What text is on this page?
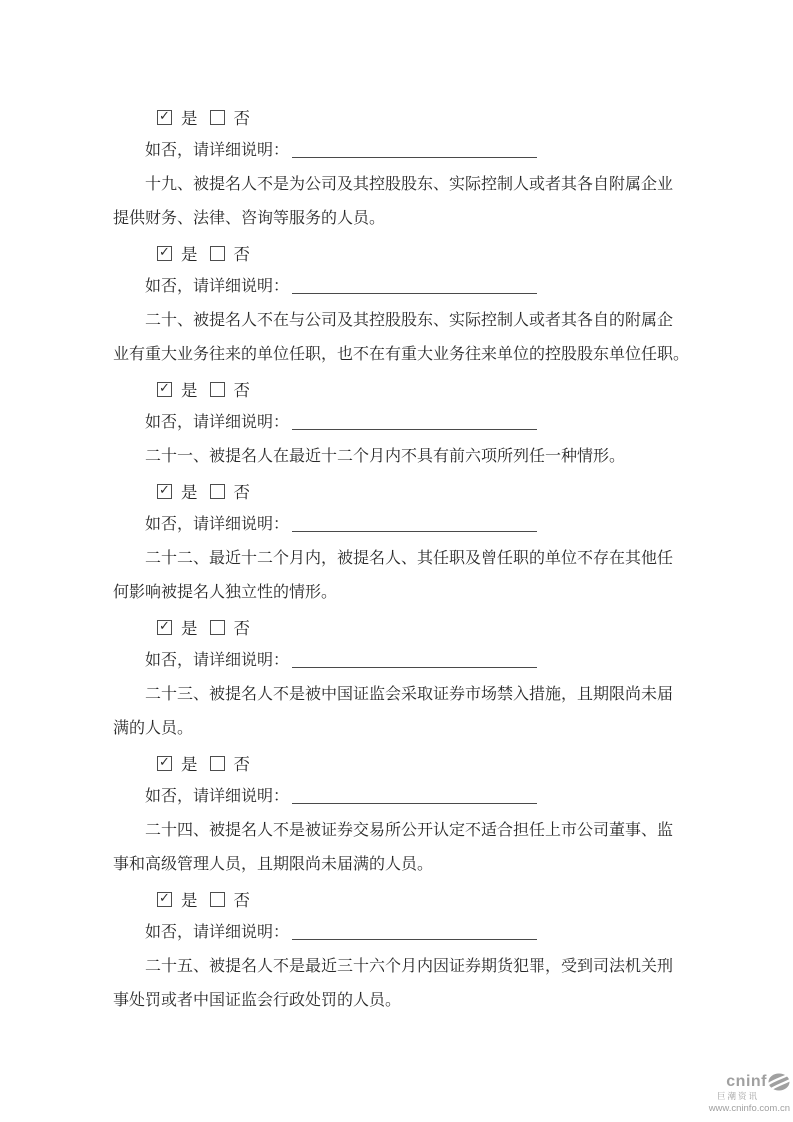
✓ 是 否
如否，请详细说明：
十九、被提名人不是为公司及其控股股东、实际控制人或者其各自附属企业
提供财务、法律、咨询等服务的人员。
✓ 是 否
如否，请详细说明：
二十、被提名人不在与公司及其控股股东、实际控制人或者其各自的附属企
业有重大业务往来的单位任职，也不在有重大业务往来单位的控股股东单位任职。
✓ 是 否
如否，请详细说明：
二十一、被提名人在最近十二个月内不具有前六项所列任一种情形。
✓ 是 否
如否，请详细说明：
二十二、最近十二个月内，被提名人、其任职及曾任职的单位不存在其他任
何影响被提名人独立性的情形。
✓ 是 否
如否，请详细说明：
二十三、被提名人不是被中国证监会采取证券市场禁入措施，且期限尚未届
满的人员。
✓ 是 否
如否，请详细说明：
二十四、被提名人不是被证券交易所公开认定不适合担任上市公司董事、监
事和高级管理人员，且期限尚未届满的人员。
✓ 是 否
如否，请详细说明：
二十五、被提名人不是最近三十六个月内因证券期货犯罪，受到司法机关刑
事处罚或者中国证监会行政处罚的人员。
cninf
巨潮资讯
www.cninfo.com.cn
